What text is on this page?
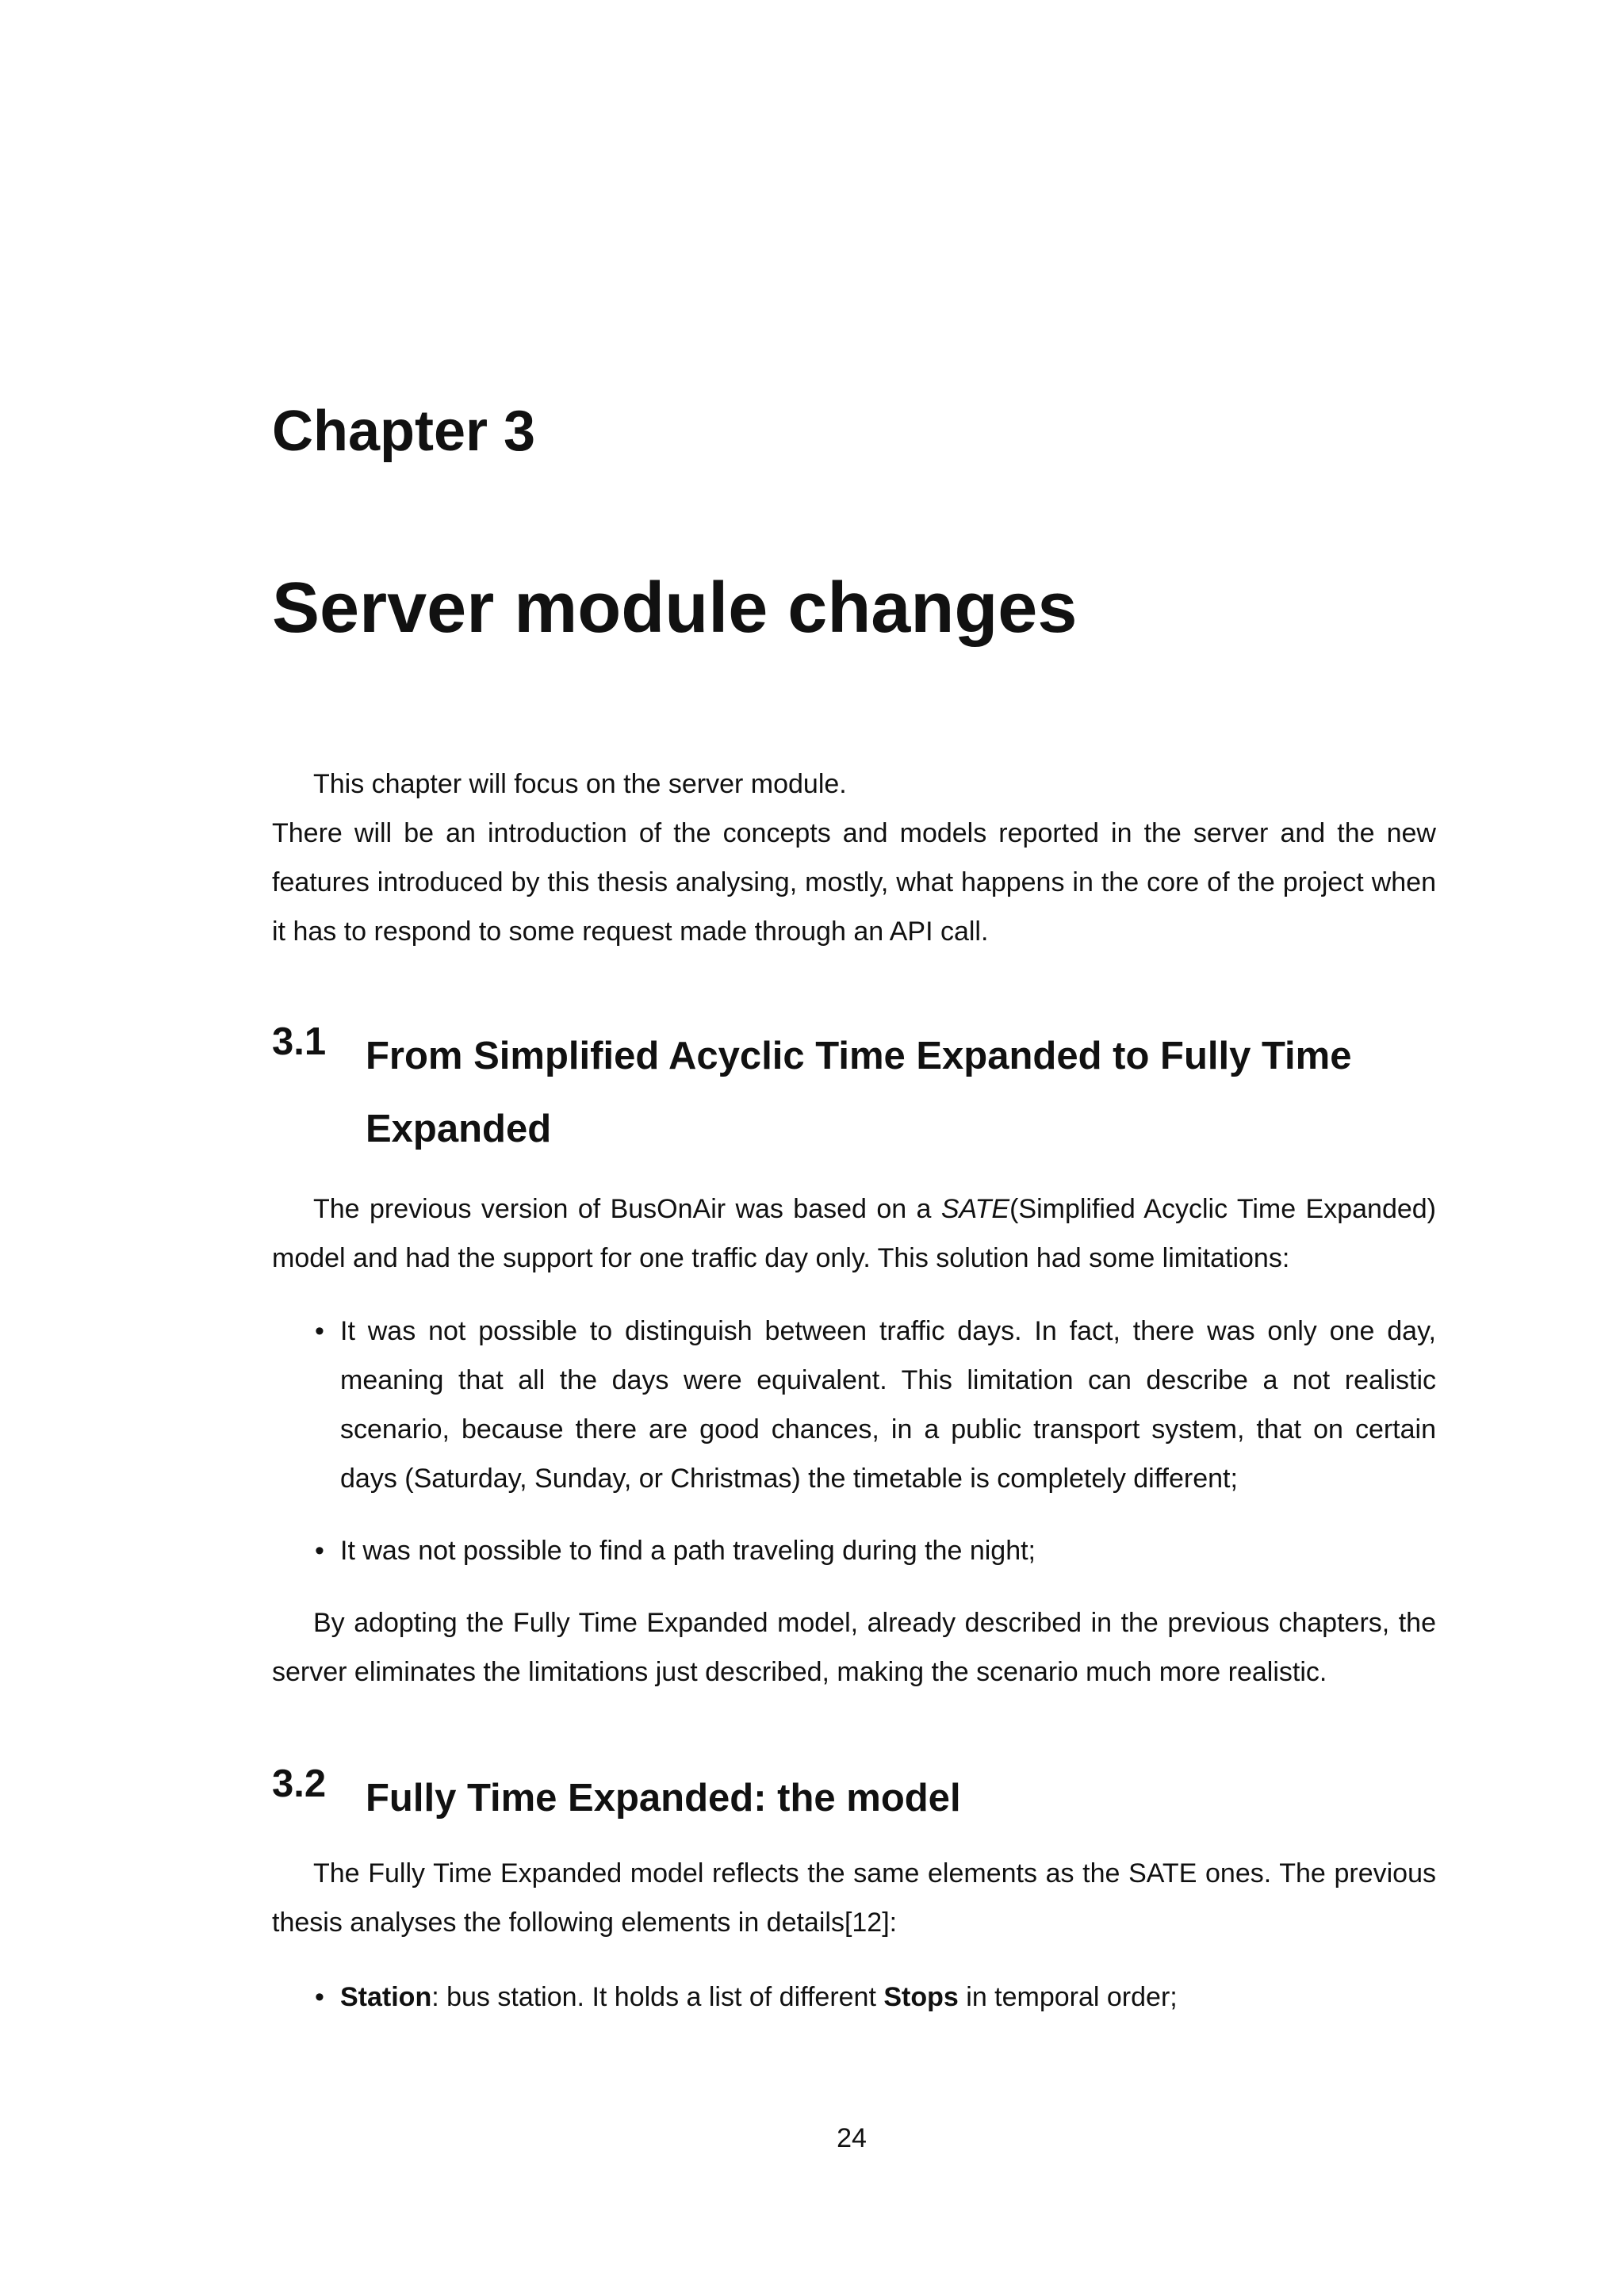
Chapter 3
Server module changes
This chapter will focus on the server module.
There will be an introduction of the concepts and models reported in the server and the new features introduced by this thesis analysing, mostly, what happens in the core of the project when it has to respond to some request made through an API call.
3.1 From Simplified Acyclic Time Expanded to Fully Time Expanded
The previous version of BusOnAir was based on a SATE(Simplified Acyclic Time Expanded) model and had the support for one traffic day only. This solution had some limitations:
• It was not possible to distinguish between traffic days. In fact, there was only one day, meaning that all the days were equivalent. This limitation can describe a not realistic scenario, because there are good chances, in a public transport system, that on certain days (Saturday, Sunday, or Christmas) the timetable is completely different;
• It was not possible to find a path traveling during the night;
By adopting the Fully Time Expanded model, already described in the previous chapters, the server eliminates the limitations just described, making the scenario much more realistic.
3.2 Fully Time Expanded: the model
The Fully Time Expanded model reflects the same elements as the SATE ones. The previous thesis analyses the following elements in details[12]:
• Station: bus station. It holds a list of different Stops in temporal order;
24
